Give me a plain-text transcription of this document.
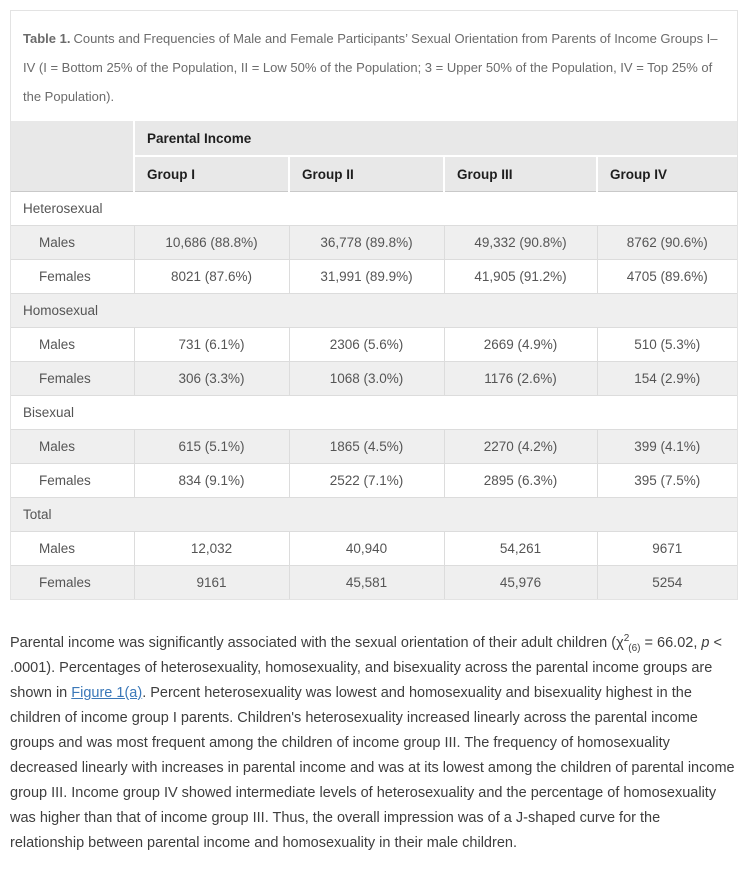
Table 1. Counts and Frequencies of Male and Female Participants’ Sexual Orientation from Parents of Income Groups I–IV (I = Bottom 25% of the Population, II = Low 50% of the Population; 3 = Upper 50% of the Population, IV = Top 25% of the Population).
	Parental Income			
	Group I	Group II	Group III	Group IV
Heterosexual				
Males	10,686 (88.8%)	36,778 (89.8%)	49,332 (90.8%)	8762 (90.6%)
Females	8021 (87.6%)	31,991 (89.9%)	41,905 (91.2%)	4705 (89.6%)
Homosexual				
Males	731 (6.1%)	2306 (5.6%)	2669 (4.9%)	510 (5.3%)
Females	306 (3.3%)	1068 (3.0%)	1176 (2.6%)	154 (2.9%)
Bisexual				
Males	615 (5.1%)	1865 (4.5%)	2270 (4.2%)	399 (4.1%)
Females	834 (9.1%)	2522 (7.1%)	2895 (6.3%)	395 (7.5%)
Total				
Males	12,032	40,940	54,261	9671
Females	9161	45,581	45,976	5254

Parental income was significantly associated with the sexual orientation of their adult children ($\chi^2_{(6)} = 66.02$, p < .0001). Percentages of heterosexuality, homosexuality, and bisexuality across the parental income groups are shown in Figure 1(a). Percent heterosexuality was lowest and homosexuality and bisexuality highest in the children of income group I parents. Children's heterosexuality increased linearly across the parental income groups and was most frequent among the children of income group III. The frequency of homosexuality decreased linearly with increases in parental income and was at its lowest among the children of parental income group III. Income group IV showed intermediate levels of heterosexuality and the percentage of homosexuality was higher than that of income group III. Thus, the overall impression was of a J-shaped curve for the relationship between parental income and homosexuality in their male children.
